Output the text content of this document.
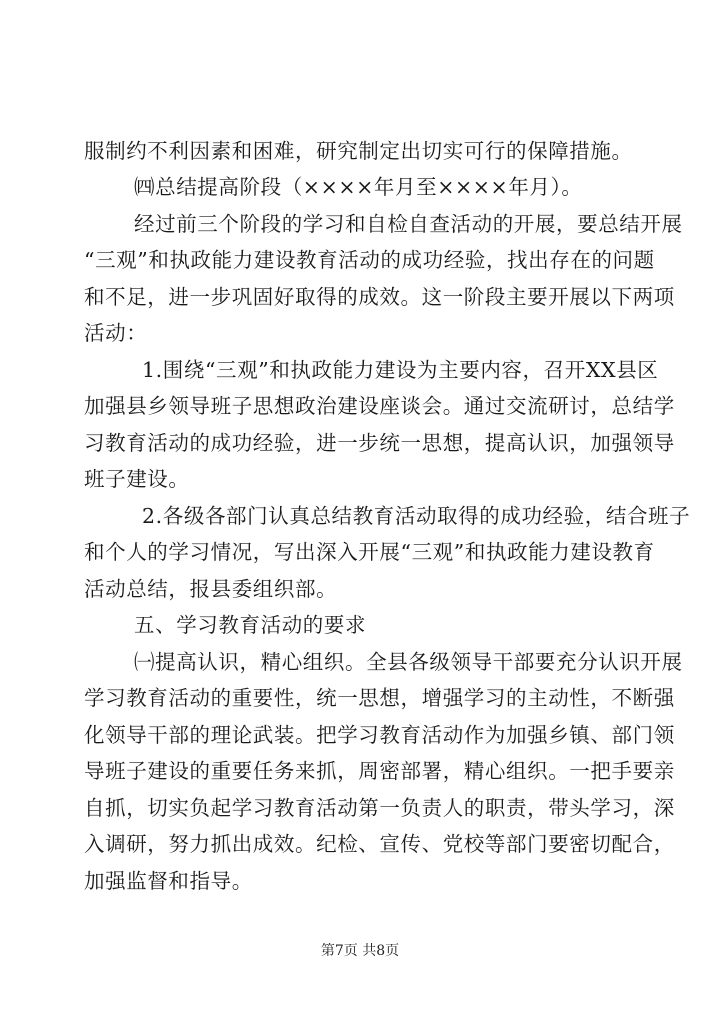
服制约不利因素和困难，研究制定出切实可行的保障措施。
㈣总结提高阶段（××××年月至××××年月）。
经过前三个阶段的学习和自检自查活动的开展，要总结开展
“三观”和执政能力建设教育活动的成功经验，找出存在的问题
和不足，进一步巩固好取得的成效。这一阶段主要开展以下两项
活动：
1.围绕“三观”和执政能力建设为主要内容，召开XX县区
加强县乡领导班子思想政治建设座谈会。通过交流研讨，总结学
习教育活动的成功经验，进一步统一思想，提高认识，加强领导
班子建设。
2.各级各部门认真总结教育活动取得的成功经验，结合班子
和个人的学习情况，写出深入开展“三观”和执政能力建设教育
活动总结，报县委组织部。
五、学习教育活动的要求
㈠提高认识，精心组织。全县各级领导干部要充分认识开展
学习教育活动的重要性，统一思想，增强学习的主动性，不断强
化领导干部的理论武装。把学习教育活动作为加强乡镇、部门领
导班子建设的重要任务来抓，周密部署，精心组织。一把手要亲
自抓，切实负起学习教育活动第一负责人的职责，带头学习，深
入调研，努力抓出成效。纪检、宣传、党校等部门要密切配合，
加强监督和指导。
第7页 共8页
